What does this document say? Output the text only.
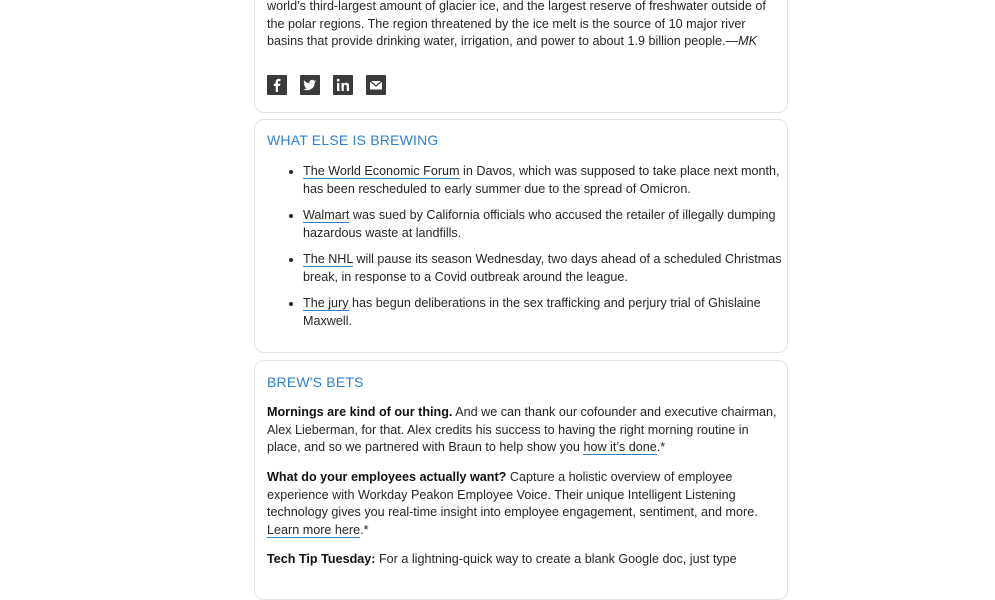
world’s third-largest amount of glacier ice, and the largest reserve of freshwater outside of
the polar regions. The region threatened by the ice melt is the source of 10 major river
basins that provide drinking water, irrigation, and power to about 1.9 billion people.—MK

WHAT ELSE IS BREWING
• The World Economic Forum in Davos, which was supposed to take place next month, has been rescheduled to early summer due to the spread of Omicron.
• Walmart was sued by California officials who accused the retailer of illegally dumping hazardous waste at landfills.
• The NHL will pause its season Wednesday, two days ahead of a scheduled Christmas break, in response to a Covid outbreak around the league.
• The jury has begun deliberations in the sex trafficking and perjury trial of Ghislaine Maxwell.
BREW'S BETS

Mornings are kind of our thing. And we can thank our cofounder and executive chairman, Alex Lieberman, for that. Alex credits his success to having the right morning routine in place, and so we partnered with Braun to help show you how it’s done.*

What do your employees actually want? Capture a holistic overview of employee experience with Workday Peakon Employee Voice. Their unique Intelligent Listening technology gives you real-time insight into employee engagement, sentiment, and more. Learn more here.*

Tech Tip Tuesday: For a lightning-quick way to create a blank Google doc, just type
